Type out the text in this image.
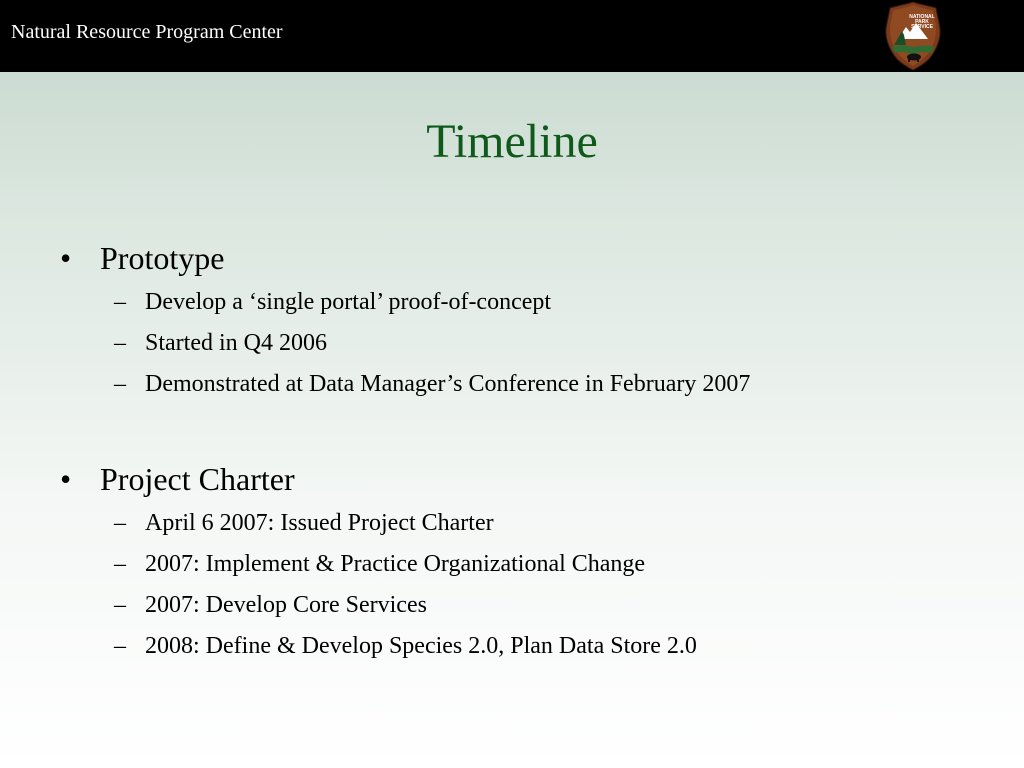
Natural Resource Program Center
NATIONAL
PARK
SERVICE
Timeline
• Prototype
– Develop a ‘single portal’ proof-of-concept
– Started in Q4 2006
– Demonstrated at Data Manager’s Conference in February 2007
• Project Charter
– April 6 2007: Issued Project Charter
– 2007: Implement & Practice Organizational Change
– 2007: Develop Core Services
– 2008: Define & Develop Species 2.0, Plan Data Store 2.0
